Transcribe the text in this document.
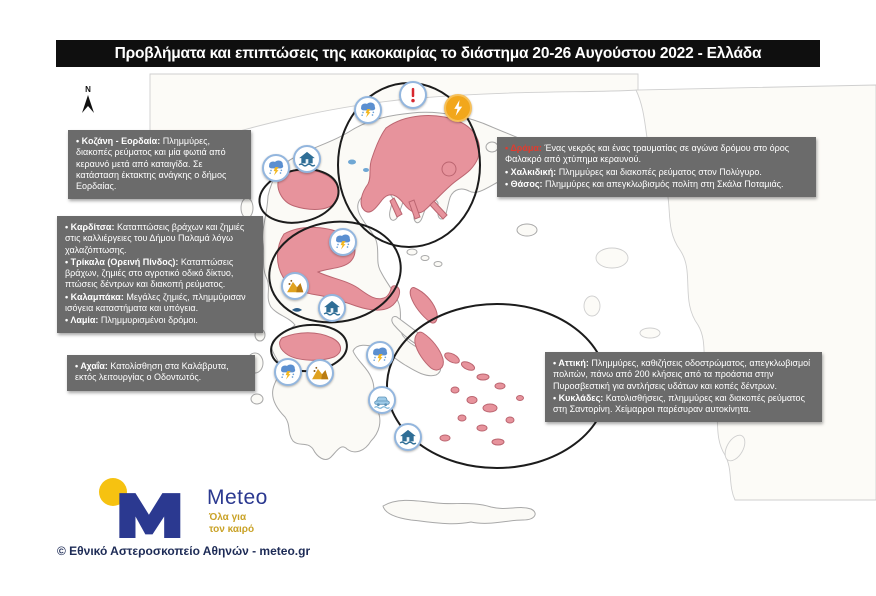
Προβλήματα και επιπτώσεις της κακοκαιρίας το διάστημα 20-26 Αυγούστου 2022 - Ελλάδα
N
• Κοζάνη - Εορδαία: Πλημμύρες, διακοπές ρεύματος και μία φωτιά από κεραυνό μετά από καταιγίδα. Σε κατάσταση έκτακτης ανάγκης ο δήμος Εορδαίας.
• Καρδίτσα: Καταπτώσεις βράχων και ζημιές στις καλλιέργειες του Δήμου Παλαμά λόγω χαλαζόπτωσης.
• Τρίκαλα (Ορεινή Πίνδος): Καταπτώσεις βράχων, ζημιές στο αγροτικό οδικό δίκτυο, πτώσεις δέντρων και διακοπή ρεύματος.
• Καλαμπάκα: Μεγάλες ζημιές, πλημμύρισαν ισόγεια καταστήματα και υπόγεια.
• Λαμία: Πλημμυρισμένοι δρόμοι.
• Αχαΐα: Κατολίσθηση στα Καλάβρυτα, εκτός λειτουργίας ο Οδοντωτός.
• Δράμα: Ένας νεκρός και ένας τραυματίας σε αγώνα δρόμου στο όρος Φαλακρό από χτύπημα κεραυνού.
• Χαλκιδική: Πλημμύρες και διακοπές ρεύματος στον Πολύγυρο.
• Θάσος: Πλημμύρες και απεγκλωβισμός πολίτη στη Σκάλα Ποταμιάς.
• Αττική: Πλημμύρες, καθιζήσεις οδοστρώματος, απεγκλωβισμοί πολιτών, πάνω από 200 κλήσεις από τα προάστια στην Πυροσβεστική για αντλήσεις υδάτων και κοπές δέντρων.
• Κυκλάδες: Κατολισθήσεις, πλημμύρες και διακοπές ρεύματος στη Σαντορίνη. Χείμαρροι παρέσυραν αυτοκίνητα.
Meteo
Όλα για
τον καιρό
© Εθνικό Αστεροσκοπείο Αθηνών - meteo.gr
